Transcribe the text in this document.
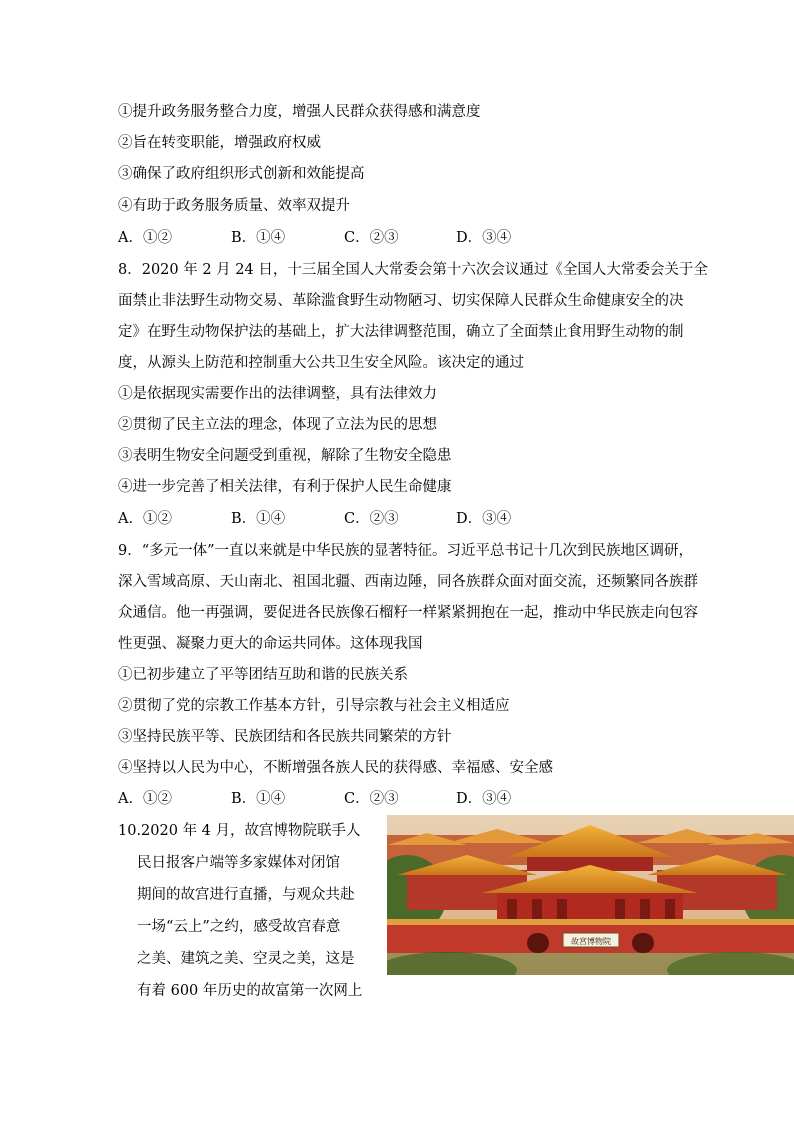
①提升政务服务整合力度，增强人民群众获得感和满意度
②旨在转变职能，增强政府权威
③确保了政府组织形式创新和效能提高
④有助于政务服务质量、效率双提升
A．①②	B．①④	C．②③	D．③④
8．2020 年 2 月 24 日，十三届全国人大常委会第十六次会议通过《全国人大常委会关于全
面禁止非法野生动物交易、革除滥食野生动物陋习、切实保障人民群众生命健康安全的决
定》在野生动物保护法的基础上，扩大法律调整范围，确立了全面禁止食用野生动物的制
度，从源头上防范和控制重大公共卫生安全风险。该决定的通过
①是依据现实需要作出的法律调整，具有法律效力
②贯彻了民主立法的理念，体现了立法为民的思想
③表明生物安全问题受到重视，解除了生物安全隐患
④进一步完善了相关法律，有利于保护人民生命健康
A．①②	B．①④	C．②③	D．③④
9．“多元一体”一直以来就是中华民族的显著特征。习近平总书记十几次到民族地区调研，
深入雪域高原、天山南北、祖国北疆、西南边陲，同各族群众面对面交流，还频繁同各族群
众通信。他一再强调，要促进各民族像石榴籽一样紧紧拥抱在一起，推动中华民族走向包容
性更强、凝聚力更大的命运共同体。这体现我国
①已初步建立了平等团结互助和谐的民族关系
②贯彻了党的宗教工作基本方针，引导宗教与社会主义相适应
③坚持民族平等、民族团结和各民族共同繁荣的方针
④坚持以人民为中心，不断增强各族人民的获得感、幸福感、安全感
A．①②	B．①④	C．②③	D．③④
10.2020 年 4 月，故宫博物院联手人
民日报客户端等多家媒体对闭馆
期间的故宫进行直播，与观众共赴
一场“云上”之约，感受故宫春意
之美、建筑之美、空灵之美，这是
有着 600 年历史的故富第一次网上
故宮博物院
